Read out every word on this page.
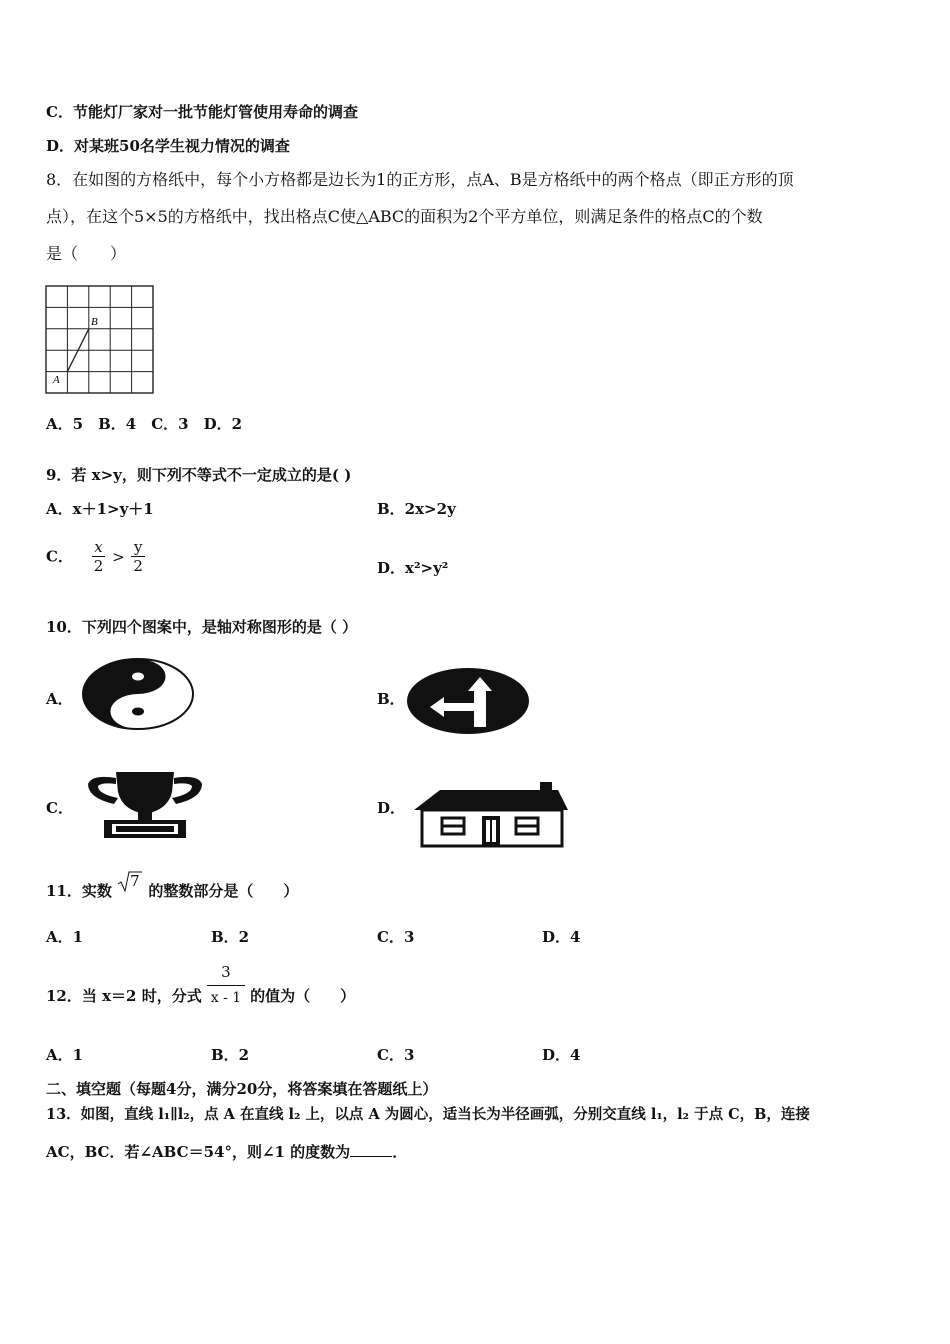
C．节能灯厂家对一批节能灯管使用寿命的调查
D．对某班50名学生视力情况的调查
8．在如图的方格纸中，每个小方格都是边长为1的正方形，点A、B是方格纸中的两个格点（即正方形的顶
点），在这个5×5的方格纸中，找出格点C使△ABC的面积为2个平方单位，则满足条件的格点C的个数
是（　　）
A
B
A．5　B．4　C．3　D．2
9．若 x>y，则下列不等式不一定成立的是( )
A．x＋1>y＋1	B．2x>2y
C． $\frac{x}{2} > \frac{y}{2}$	D．x²>y²
10．下列四个图案中，是轴对称图形的是（ ）
A．	B．
C．	D．
11．实数
7
的整数部分是（　　）
A．1	B．2	C．3	D．4
12．当 x＝2 时，分式 $\frac{3}{x - 1}$ 的值为（　　）
A．1	B．2	C．3	D．4
二、填空题（每题4分，满分20分，将答案填在答题纸上）
13．如图，直线 l₁∥l₂，点 A 在直线 l₂ 上，以点 A 为圆心，适当长为半径画弧，分别交直线 l₁，l₂ 于点 C，B，连接
AC，BC．若∠ABC＝54°，则∠1 的度数为	．
